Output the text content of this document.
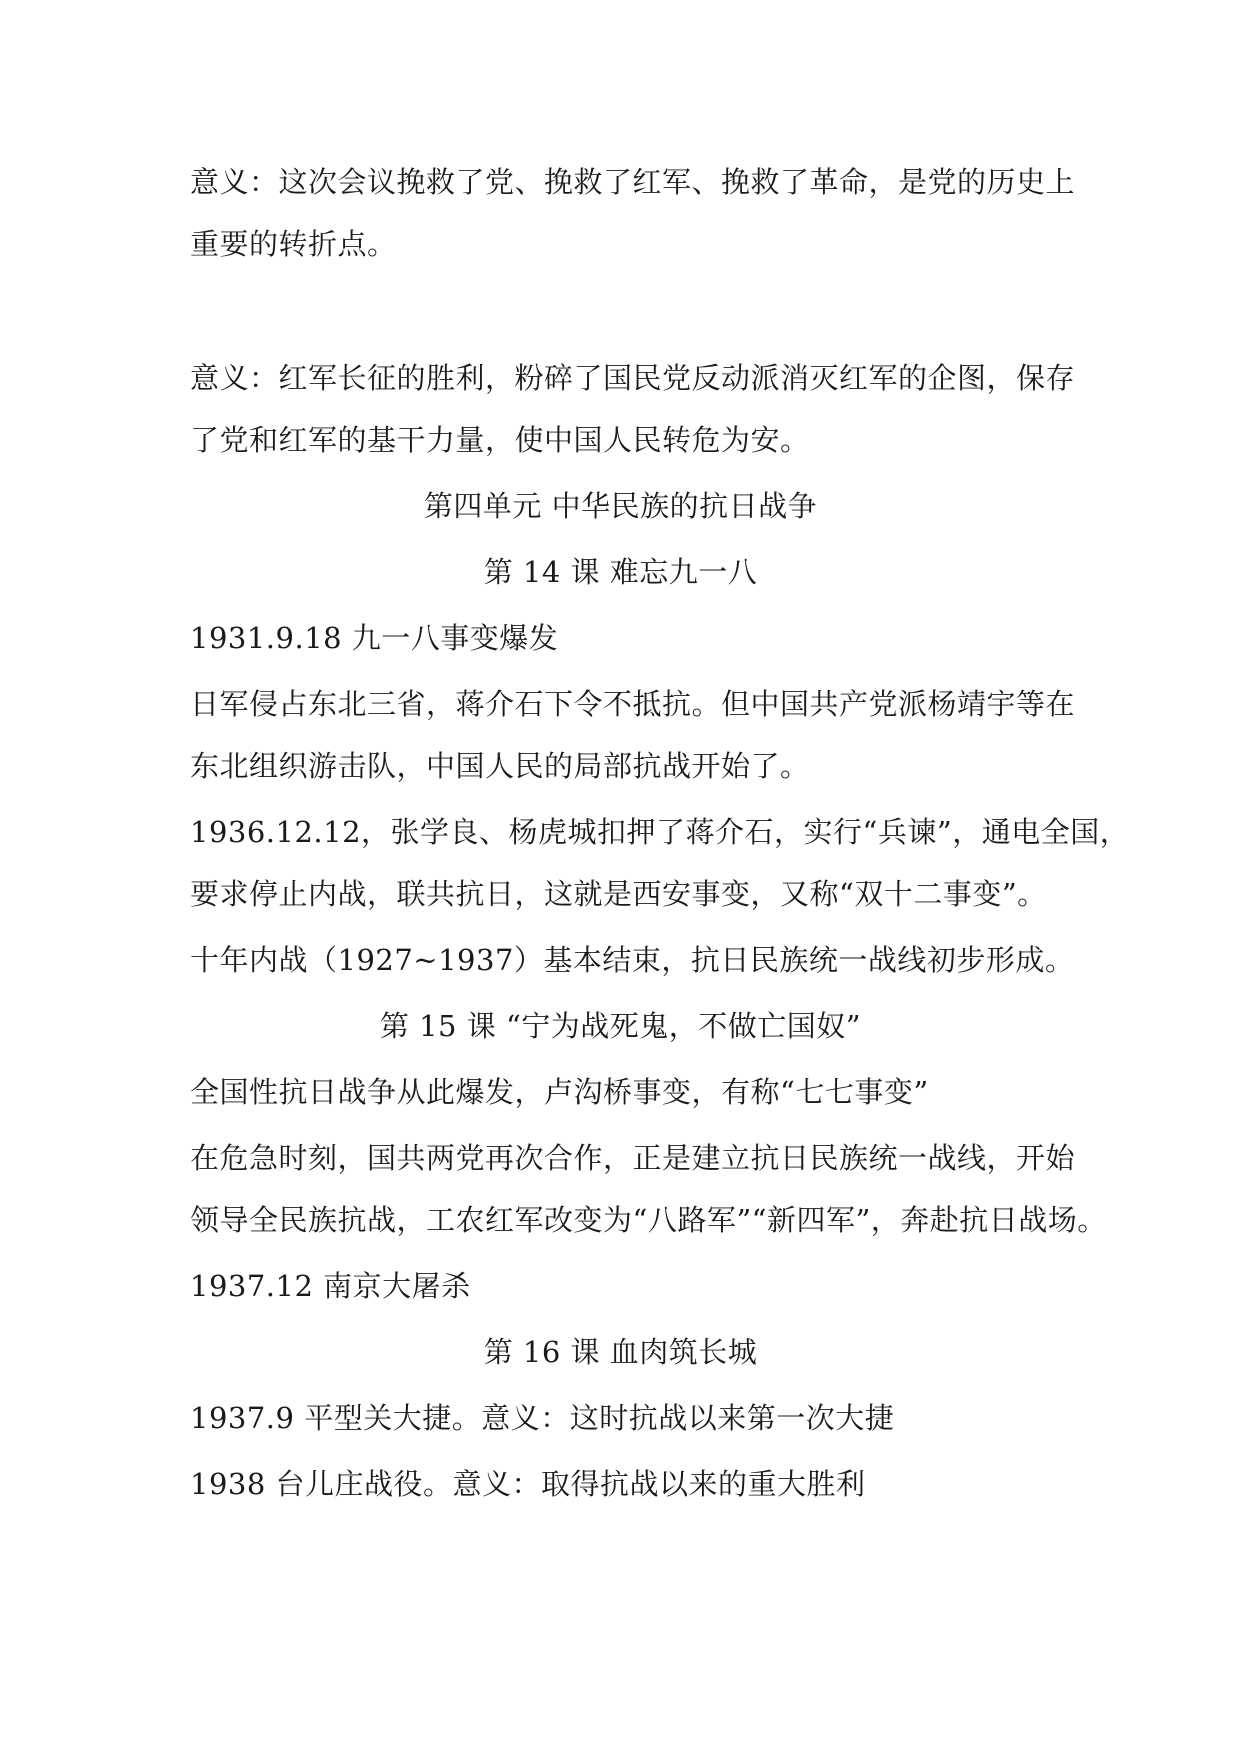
意义：这次会议挽救了党、挽救了红军、挽救了革命，是党的历史上
重要的转折点。
意义：红军长征的胜利，粉碎了国民党反动派消灭红军的企图，保存
了党和红军的基干力量，使中国人民转危为安。
第四单元 中华民族的抗日战争
第 14 课 难忘九一八
1931.9.18 九一八事变爆发
日军侵占东北三省，蒋介石下令不抵抗。但中国共产党派杨靖宇等在
东北组织游击队，中国人民的局部抗战开始了。
1936.12.12，张学良、杨虎城扣押了蒋介石，实行“兵谏”，通电全国，
要求停止内战，联共抗日，这就是西安事变，又称“双十二事变”。
十年内战（1927~1937）基本结束，抗日民族统一战线初步形成。
第 15 课 “宁为战死鬼，不做亡国奴”
全国性抗日战争从此爆发，卢沟桥事变，有称“七七事变”
在危急时刻，国共两党再次合作，正是建立抗日民族统一战线，开始
领导全民族抗战，工农红军改变为“八路军”“新四军”，奔赴抗日战场。
1937.12 南京大屠杀
第 16 课 血肉筑长城
1937.9 平型关大捷。意义：这时抗战以来第一次大捷
1938 台儿庄战役。意义：取得抗战以来的重大胜利
